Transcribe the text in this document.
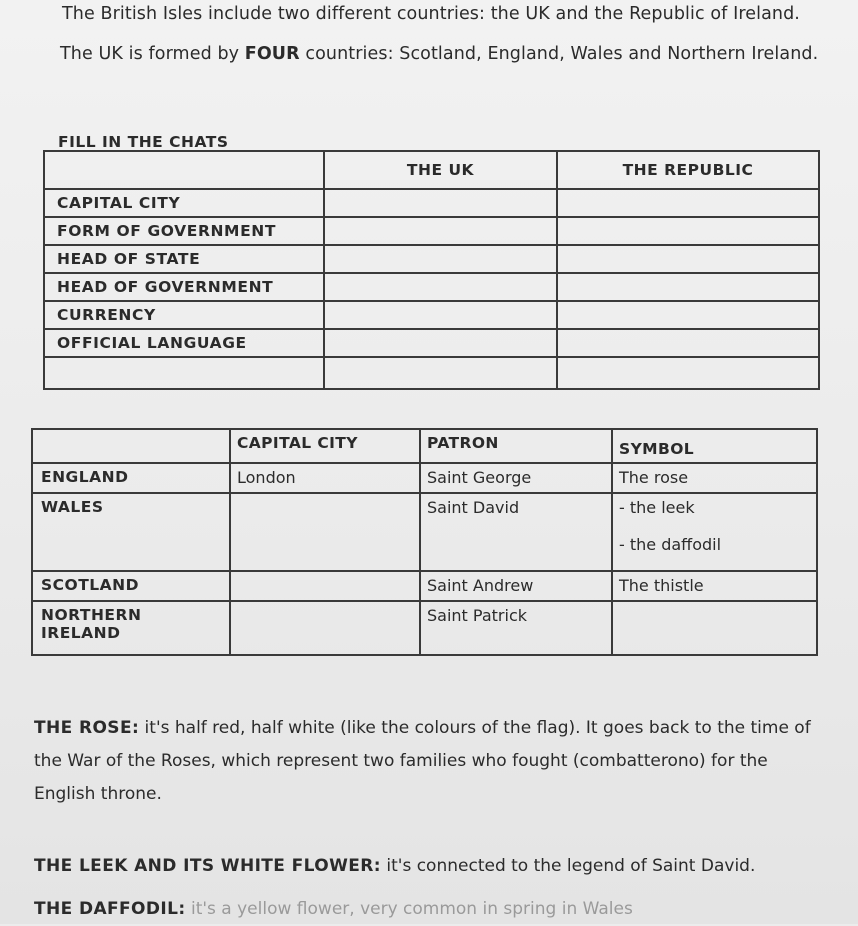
The British Isles include two different countries: the UK and the Republic of Ireland.
The UK is formed by FOUR countries: Scotland, England, Wales and Northern Ireland.
FILL IN THE CHATS
	THE UK	THE REPUBLIC
CAPITAL CITY		
FORM OF GOVERNMENT		
HEAD OF STATE		
HEAD OF GOVERNMENT		
CURRENCY		
OFFICIAL LANGUAGE		

	CAPITAL CITY	PATRON	SYMBOL
ENGLAND	London	Saint George	The rose

WALES		Saint David	- the leek
- the daffodil

SCOTLAND		Saint Andrew	The thistle

NORTHERN IRELAND		Saint Patrick	
THE ROSE: it's half red, half white (like the colours of the flag). It goes back to the time of the War of the Roses, which represent two families who fought (combatterono) for the English throne.
THE LEEK AND ITS WHITE FLOWER: it's connected to the legend of Saint David.
THE DAFFODIL: it's a yellow flower, very common in spring in Wales
